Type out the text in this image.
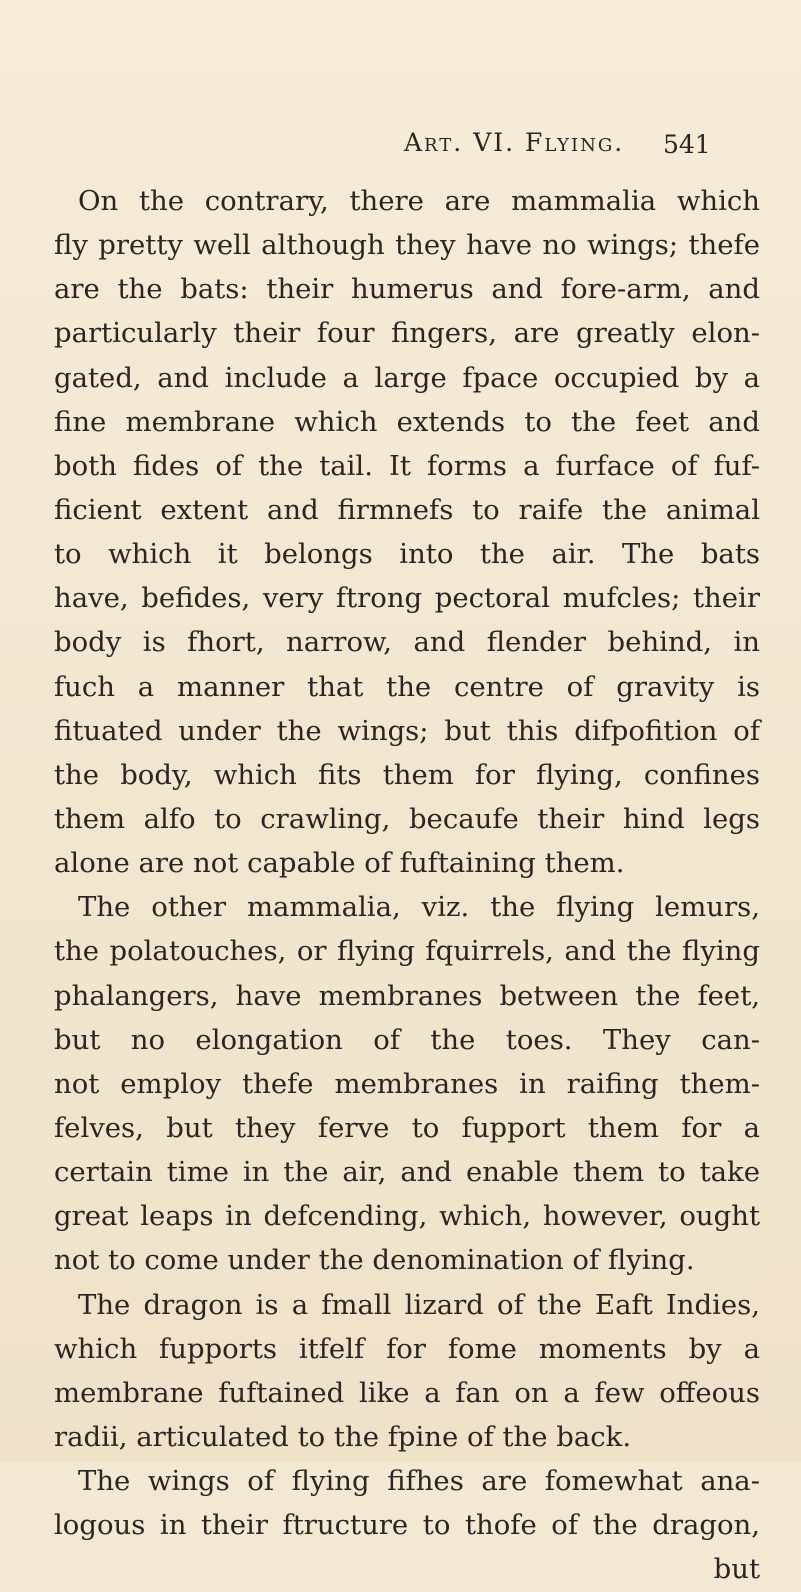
Art. VI. Flying. 541
On the contrary, there are mammalia which
fly pretty well although they have no wings; thefe
are the bats: their humerus and fore-arm, and
particularly their four fingers, are greatly elon-
gated, and include a large fpace occupied by a
fine membrane which extends to the feet and
both fides of the tail. It forms a furface of fuf-
ficient extent and firmnefs to raife the animal
to which it belongs into the air. The bats
have, befides, very ftrong pectoral mufcles; their
body is fhort, narrow, and flender behind, in
fuch a manner that the centre of gravity is
fituated under the wings; but this difpofition of
the body, which fits them for flying, confines
them alfo to crawling, becaufe their hind legs
alone are not capable of fuftaining them.
The other mammalia, viz. the flying lemurs,
the polatouches, or flying fquirrels, and the flying
phalangers, have membranes between the feet,
but no elongation of the toes. They can-
not employ thefe membranes in raifing them-
felves, but they ferve to fupport them for a
certain time in the air, and enable them to take
great leaps in defcending, which, however, ought
not to come under the denomination of flying.
The dragon is a fmall lizard of the Eaft Indies,
which fupports itfelf for fome moments by a
membrane fuftained like a fan on a few offeous
radii, articulated to the fpine of the back.
The wings of flying fifhes are fomewhat ana-
logous in their ftructure to thofe of the dragon,
but
